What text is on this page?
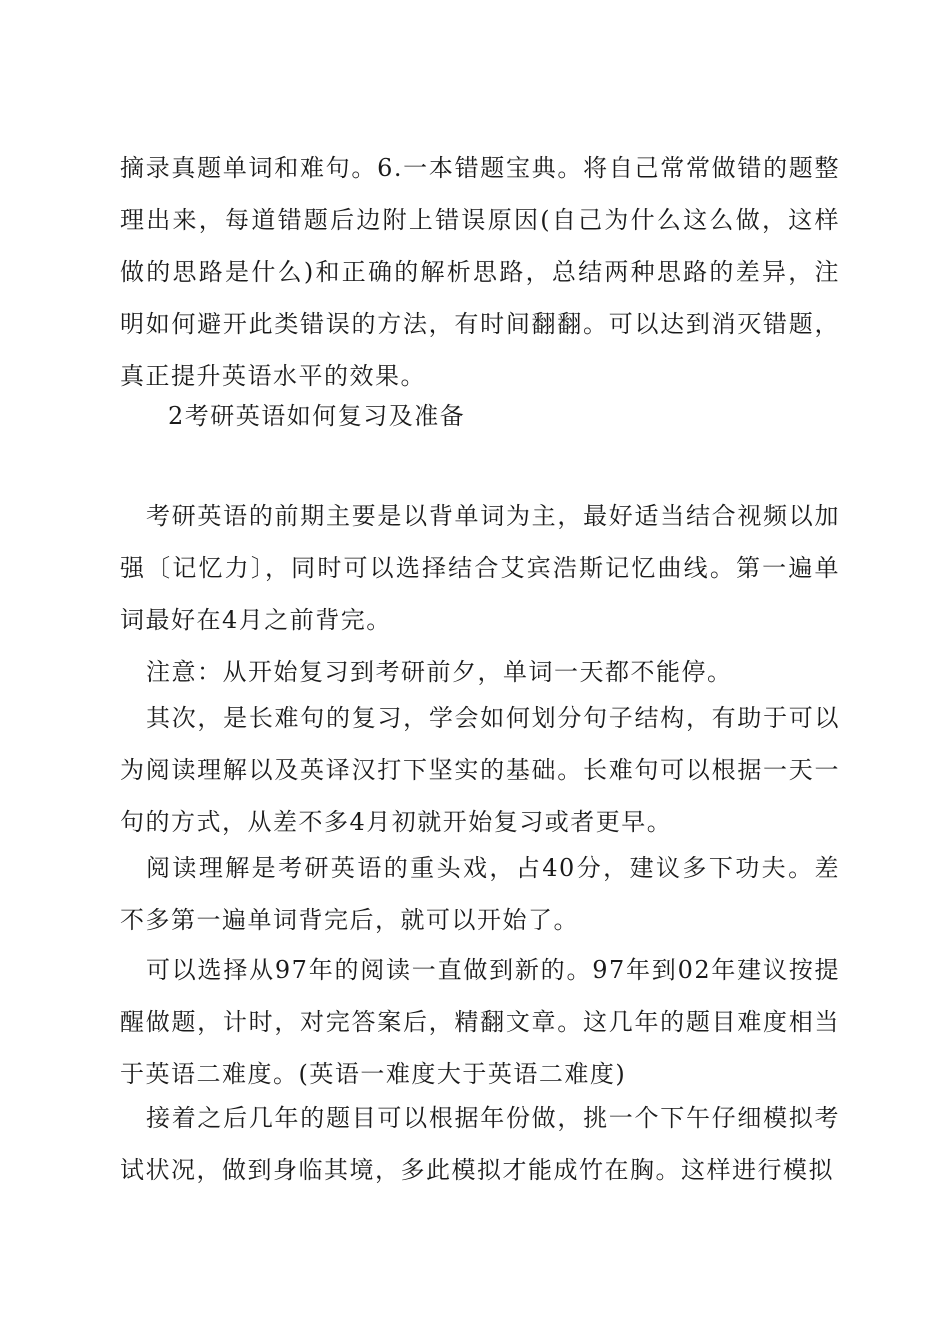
摘录真题单词和难句。6.一本错题宝典。将自己常常做错的题整理出来，每道错题后边附上错误原因(自己为什么这么做，这样做的思路是什么)和正确的解析思路，总结两种思路的差异，注明如何避开此类错误的方法，有时间翻翻。可以达到消灭错题，真正提升英语水平的效果。
2考研英语如何复习及准备
考研英语的前期主要是以背单词为主，最好适当结合视频以加强〔记忆力〕，同时可以选择结合艾宾浩斯记忆曲线。第一遍单词最好在4月之前背完。
注意：从开始复习到考研前夕，单词一天都不能停。
其次，是长难句的复习，学会如何划分句子结构，有助于可以为阅读理解以及英译汉打下坚实的基础。长难句可以根据一天一句的方式，从差不多4月初就开始复习或者更早。
阅读理解是考研英语的重头戏，占40分，建议多下功夫。差不多第一遍单词背完后，就可以开始了。
可以选择从97年的阅读一直做到新的。97年到02年建议按提醒做题，计时，对完答案后，精翻文章。这几年的题目难度相当于英语二难度。(英语一难度大于英语二难度)
接着之后几年的题目可以根据年份做，挑一个下午仔细模拟考试状况，做到身临其境，多此模拟才能成竹在胸。这样进行模拟
